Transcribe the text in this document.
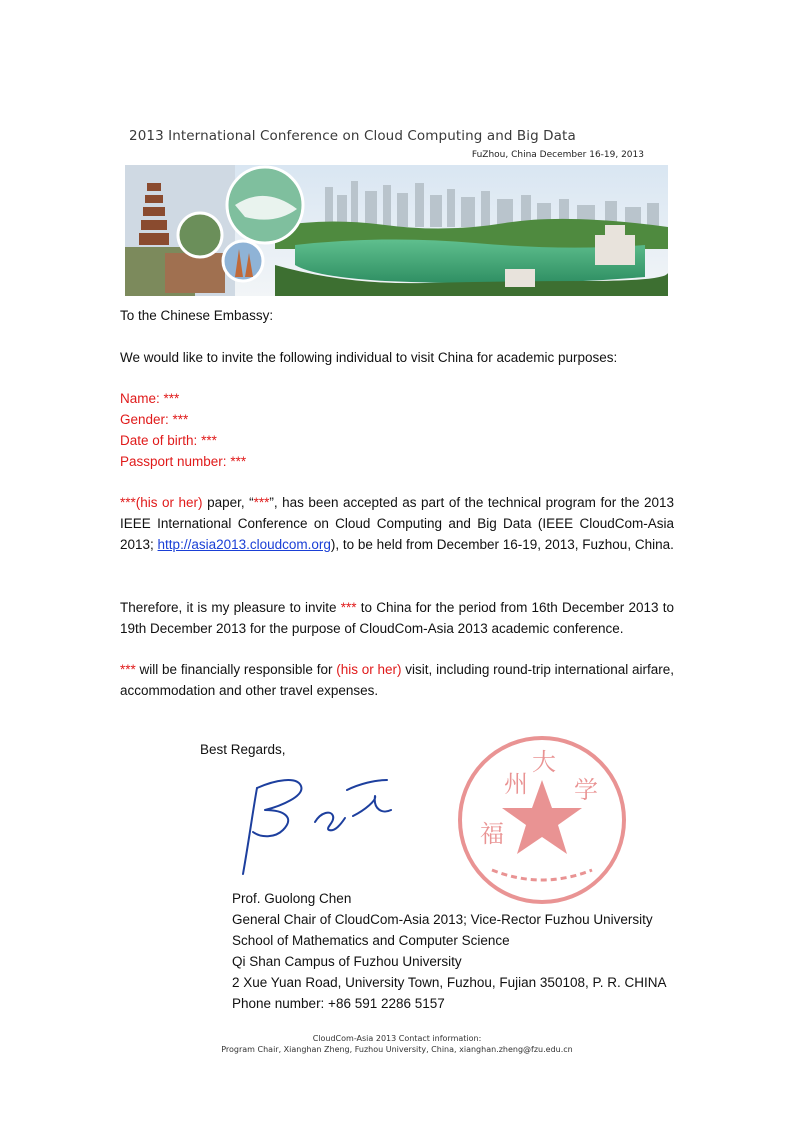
2013 International Conference on Cloud Computing and Big Data
FuZhou, China December 16-19, 2013
To the Chinese Embassy:
We would like to invite the following individual to visit China for academic purposes:
Name: ***
Gender: ***
Date of birth: ***
Passport number: ***
***(his or her) paper, “***”, has been accepted as part of the technical program for the 2013 IEEE International Conference on Cloud Computing and Big Data (IEEE CloudCom-Asia 2013; http://asia2013.cloudcom.org), to be held from December 16-19, 2013, Fuzhou, China.
Therefore, it is my pleasure to invite *** to China for the period from 16th December 2013 to 19th December 2013 for the purpose of CloudCom-Asia 2013 academic conference.
*** will be financially responsible for (his or her) visit, including round-trip international airfare, accommodation and other travel expenses.
Best Regards,
州
大
学
福
Prof. Guolong Chen
General Chair of CloudCom-Asia 2013; Vice-Rector Fuzhou University
School of Mathematics and Computer Science
Qi Shan Campus of Fuzhou University
2 Xue Yuan Road, University Town, Fuzhou, Fujian 350108, P. R. CHINA
Phone number: +86 591 2286 5157
CloudCom-Asia 2013 Contact information:
Program Chair, Xianghan Zheng, Fuzhou University, China, xianghan.zheng@fzu.edu.cn
